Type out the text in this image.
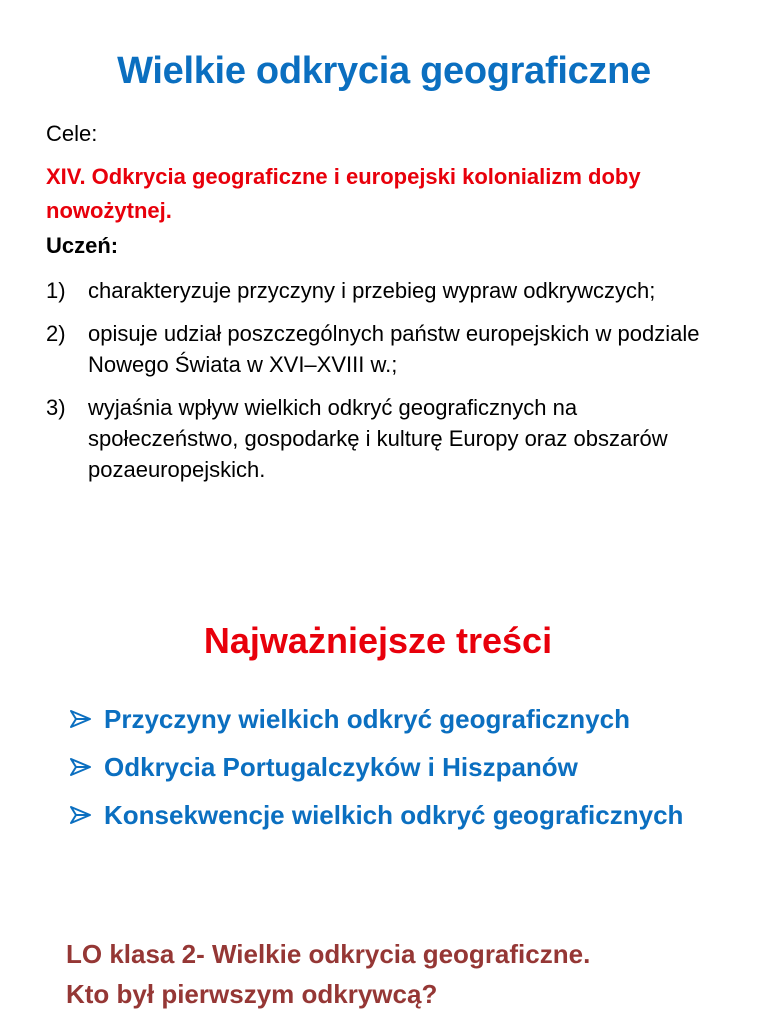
Wielkie odkrycia geograficzne
Cele:
XIV. Odkrycia geograficzne i europejski kolonializm doby nowożytnej.
Uczeń:
1)	charakteryzuje przyczyny i przebieg wypraw odkrywczych;
2)	opisuje udział poszczególnych państw europejskich w podziale Nowego Świata w XVI–XVIII w.;
3)	wyjaśnia wpływ wielkich odkryć geograficznych na społeczeństwo, gospodarkę i kulturę Europy oraz obszarów pozaeuropejskich.
Najważniejsze treści
Przyczyny wielkich odkryć geograficznych
Odkrycia Portugalczyków i Hiszpanów
Konsekwencje wielkich odkryć geograficznych
LO klasa 2- Wielkie odkrycia geograficzne.
Kto był pierwszym odkrywcą?
